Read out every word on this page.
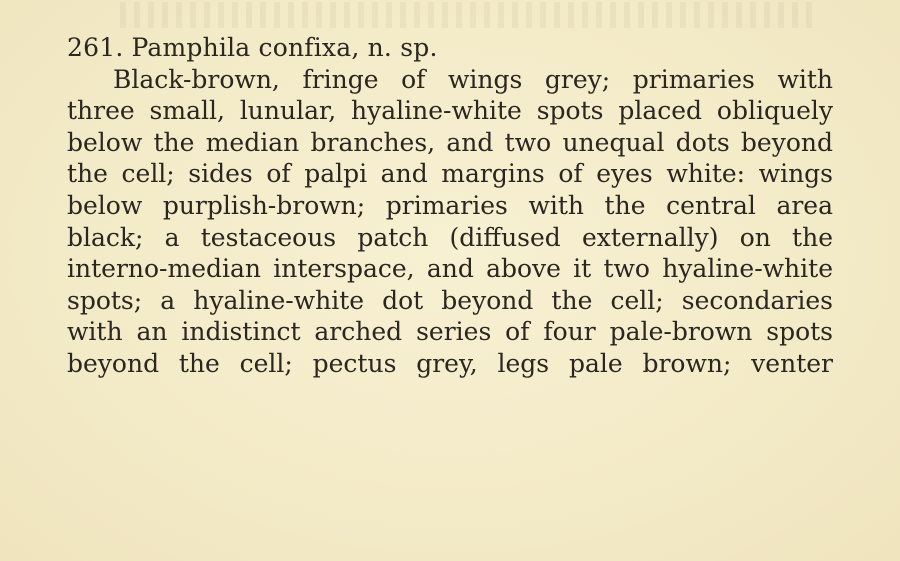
261. Pamphila confixa, n. sp.
Black-brown, fringe of wings grey; primaries with
three small, lunular, hyaline-white spots placed obliquely
below the median branches, and two unequal dots beyond
the cell; sides of palpi and margins of eyes white: wings
below purplish-brown; primaries with the central area
black; a testaceous patch (diffused externally) on the
interno-median interspace, and above it two hyaline-white
spots; a hyaline-white dot beyond the cell; secondaries
with an indistinct arched series of four pale-brown spots
beyond the cell; pectus grey, legs pale brown; venter
